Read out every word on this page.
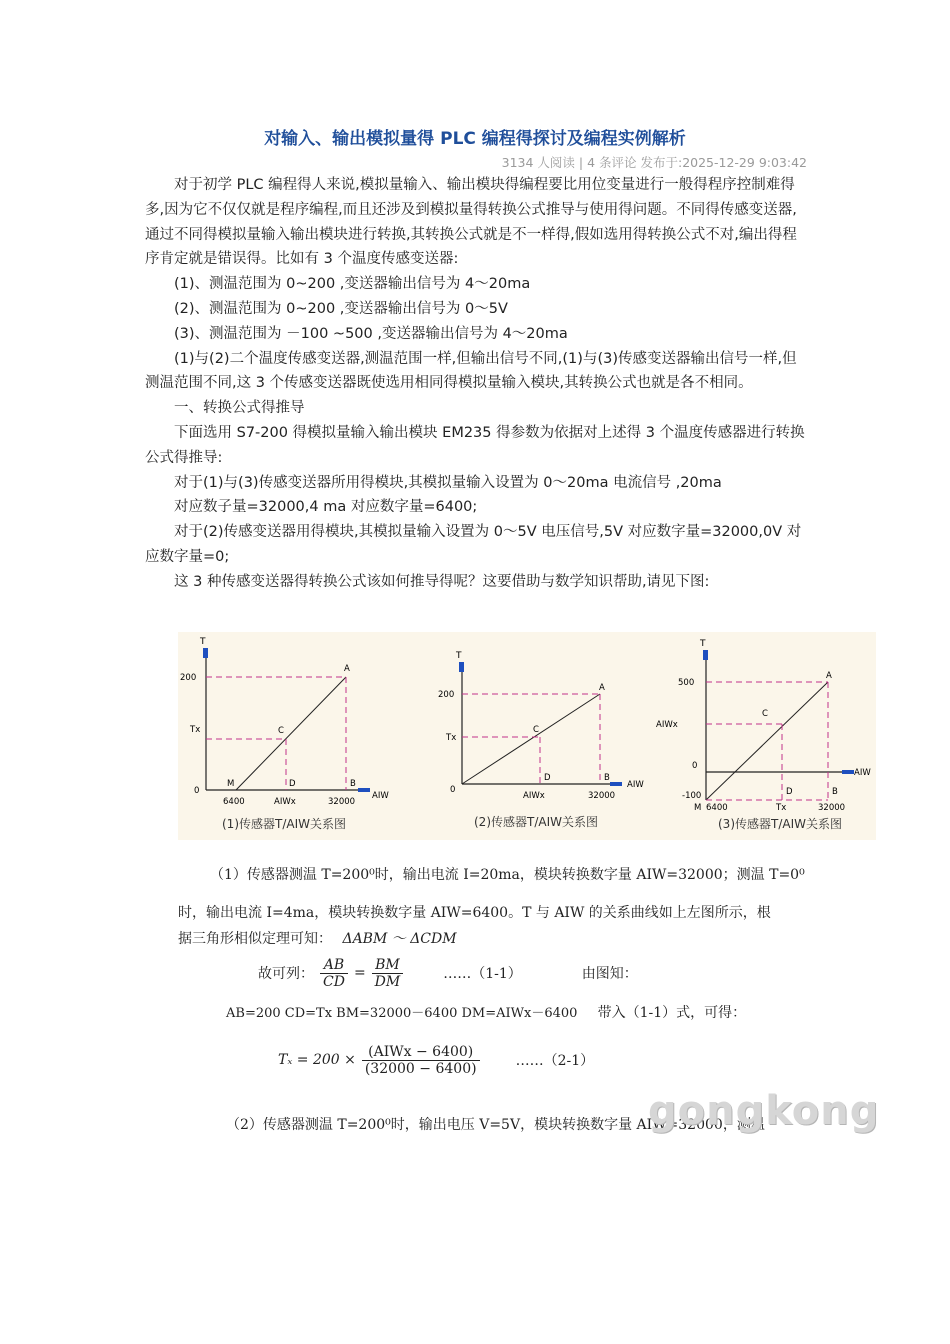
对输入、输出模拟量得 PLC 编程得探讨及编程实例解析
3134 人阅读 | 4 条评论 发布于:2025-12-29 9:03:42

对于初学 PLC 编程得人来说,模拟量输入、输出模块得编程要比用位变量进行一般得程序控制难得多,因为它不仅仅就是程序编程,而且还涉及到模拟量得转换公式推导与使用得问题。不同得传感变送器,通过不同得模拟量输入输出模块进行转换,其转换公式就是不一样得,假如选用得转换公式不对,编出得程序肯定就是错误得。比如有 3 个温度传感变送器:

(1)、测温范围为 0~200 ,变送器输出信号为 4～20ma

(2)、测温范围为 0~200 ,变送器输出信号为 0～5V

(3)、测温范围为 －100 ~500 ,变送器输出信号为 4～20ma

(1)与(2)二个温度传感变送器,测温范围一样,但输出信号不同,(1)与(3)传感变送器输出信号一样,但测温范围不同,这 3 个传感变送器既使选用相同得模拟量输入模块,其转换公式也就是各不相同。

一、转换公式得推导

下面选用 S7-200 得模拟量输入输出模块 EM235 得参数为依据对上述得 3 个温度传感器进行转换公式得推导:

对于(1)与(3)传感变送器所用得模块,其模拟量输入设置为 0～20ma 电流信号 ,20ma

对应数子量=32000,4 ma 对应数字量=6400;

对于(2)传感变送器用得模块,其模拟量输入设置为 0～5V 电压信号,5V 对应数字量=32000,0V 对应数字量=0;

这 3 种传感变送器得转换公式该如何推导得呢？这要借助与数学知识帮助,请见下图:

T
200
Tx
0
6400	AIWx	32000
AIW
A
C
M	D	B
(1)传感器T/AIW关系图
T
200
Tx
0
AIWx	32000
AIW
A
C
D	B
(2)传感器T/AIW关系图
T
500
AIWx
0
-100
6400	Tx	32000
AIW
A
C
M
D	B
(3)传感器T/AIW关系图
（1）传感器测温 T=200⁰时，输出电流 I=20ma，模块转换数字量 AIW=32000；测温 T=0⁰
时，输出电流 I=4ma，模块转换数字量 AIW=6400。T 与 AIW 的关系曲线如上左图所示，根
据三角形相似定理可知： ΔABM ～ ΔCDM
故可列： $\frac{AB}{CD} = \frac{BM}{DM}$	……（1-1）	由图知：
AB=200 CD=Tx BM=32000－6400 DM=AIWx－6400 带入（1-1）式，可得：
$T_x = 200 \times \frac{\text{(AIWx − 6400)}}{(32000 - 6400)}$	……（2-1）
（2）传感器测温 T=200⁰时，输出电压 V=5V，模块转换数字量 AIW=32000，测温
gongkong
